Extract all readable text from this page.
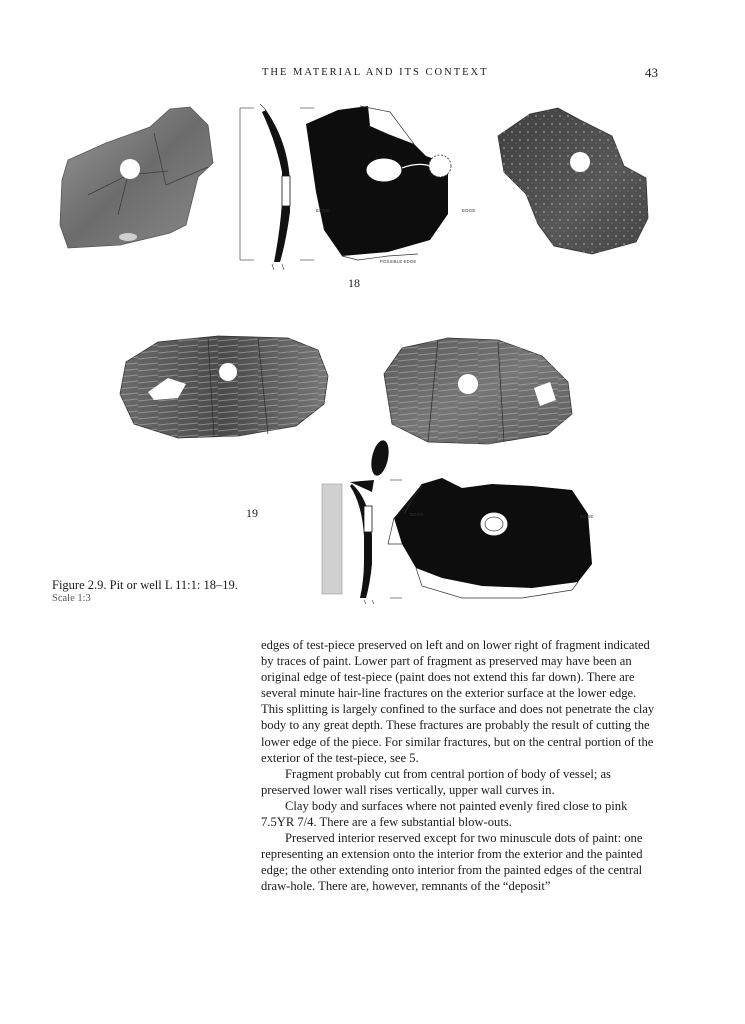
THE MATERIAL AND ITS CONTEXT	43
EDGE	EDGE
POSSIBLE EDGE
18
19	EDGE	EDGE
Figure 2.9. Pit or well L 11:1: 18–19.
Scale 1:3

edges of test-piece preserved on left and on lower right of fragment indicated by traces of paint. Lower part of fragment as preserved may have been an original edge of test-piece (paint does not extend this far down). There are several minute hair-line fractures on the exterior surface at the lower edge. This splitting is largely confined to the surface and does not penetrate the clay body to any great depth. These fractures are probably the result of cutting the lower edge of the piece. For similar fractures, but on the central portion of the exterior of the test-piece, see 5.

Fragment probably cut from central portion of body of vessel; as preserved lower wall rises vertically, upper wall curves in.

Clay body and surfaces where not painted evenly fired close to pink 7.5YR 7/4. There are a few substantial blow-outs.

Preserved interior reserved except for two minuscule dots of paint: one representing an extension onto the interior from the exterior and the painted edge; the other extending onto interior from the painted edges of the central draw-hole. There are, however, remnants of the “deposit”
